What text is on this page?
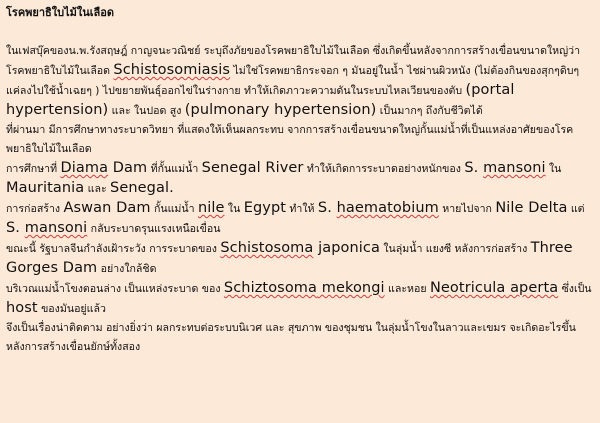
โรคพยาธิใบไม้ในเลือด

ในเฟสบุ๊คของน.พ.รังสฤษฎ์ กาญจนะวณิชย์ ระบุถึงภัยของโรคพยาธิใบไม้ในเลือด ซึ่งเกิดขึ้นหลังจากการสร้างเขื่อนขนาดใหญ่ว่า

โรคพยาธิใบไม้ในเลือด Schistosomiasis ไม่ใช่โรคพยาธิกระจอก ๆ มันอยู่ในน้ำ ไชผ่านผิวหนัง (ไม่ต้องกินของสุกๆดิบๆ แค่ลงไปใช้น้ำเฉยๆ ) ไปขยายพันธุ์ออกไข่ในร่างกาย ทำให้เกิดภาวะความดันในระบบไหลเวียนของตับ (portal hypertension) และ ในปอด สูง (pulmonary hypertension) เป็นมากๆ ถึงกับชีวิตได้

ที่ผ่านมา มีการศึกษาทางระบาดวิทยา ที่แสดงให้เห็นผลกระทบ จากการสร้างเขื่อนขนาดใหญ่กั้นแม่น้ำที่เป็นแหล่งอาศัยของโรคพยาธิใบไม้ในเลือด

การศึกษาที่ Diama Dam ที่กั้นแม่น้ำ Senegal River ทำให้เกิดการระบาดอย่างหนักของ S. mansoni ใน Mauritania และ Senegal.

การก่อสร้าง Aswan Dam กั้นแม่น้ำ nile ใน Egypt ทำให้ S. haematobium หายไปจาก Nile Delta แต่ S. mansoni กลับระบาดรุนแรงเหนือเขื่อน

ขณะนี้ รัฐบาลจีนกำลังเฝ้าระวัง การระบาดของ Schistosoma japonica ในลุ่มน้ำ แยงซี หลังการก่อสร้าง Three Gorges Dam อย่างใกล้ชิด

บริเวณแม่น้ำโขงตอนล่าง เป็นแหล่งระบาด ของ Schiztosoma mekongi และหอย Neotricula aperta ซึ่งเป็น host ของมันอยู่แล้ว

จึงเป็นเรื่องน่าติดตาม อย่างยิ่งว่า ผลกระทบต่อระบบนิเวศ และ สุขภาพ ของชุมชน ในลุ่มน้ำโขงในลาวและเขมร จะเกิดอะไรขึ้น หลังการสร้างเขื่อนยักษ์ทั้งสอง
